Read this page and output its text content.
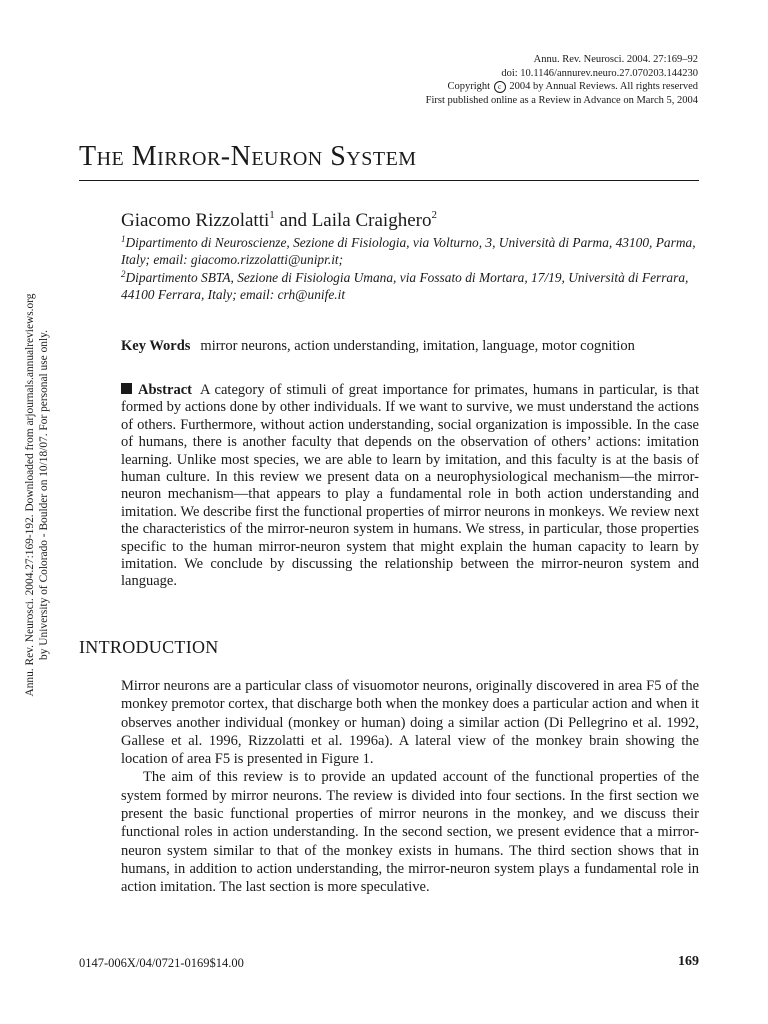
Annu. Rev. Neurosci. 2004. 27:169–92
doi: 10.1146/annurev.neuro.27.070203.144230
Copyright c 2004 by Annual Reviews. All rights reserved
First published online as a Review in Advance on March 5, 2004
The Mirror-Neuron System
Giacomo Rizzolatti$^1$ and Laila Craighero$^2$
$^1$Dipartimento di Neuroscienze, Sezione di Fisiologia, via Volturno, 3, Università di Parma, 43100, Parma, Italy; email: giacomo.rizzolatti@unipr.it;
$^2$Dipartimento SBTA, Sezione di Fisiologia Umana, via Fossato di Mortara, 17/19, Università di Ferrara, 44100 Ferrara, Italy; email: crh@unife.it
Key Words mirror neurons, action understanding, imitation, language, motor cognition
Abstract A category of stimuli of great importance for primates, humans in particular, is that formed by actions done by other individuals. If we want to survive, we must understand the actions of others. Furthermore, without action understanding, social organization is impossible. In the case of humans, there is another faculty that depends on the observation of others’ actions: imitation learning. Unlike most species, we are able to learn by imitation, and this faculty is at the basis of human culture. In this review we present data on a neurophysiological mechanism—the mirror-neuron mechanism—that appears to play a fundamental role in both action understanding and imitation. We describe first the functional properties of mirror neurons in monkeys. We review next the characteristics of the mirror-neuron system in humans. We stress, in particular, those properties specific to the human mirror-neuron system that might explain the human capacity to learn by imitation. We conclude by discussing the relationship between the mirror-neuron system and language.
INTRODUCTION

Mirror neurons are a particular class of visuomotor neurons, originally discovered in area F5 of the monkey premotor cortex, that discharge both when the monkey does a particular action and when it observes another individual (monkey or human) doing a similar action (Di Pellegrino et al. 1992, Gallese et al. 1996, Rizzolatti et al. 1996a). A lateral view of the monkey brain showing the location of area F5 is presented in Figure 1.

The aim of this review is to provide an updated account of the functional properties of the system formed by mirror neurons. The review is divided into four sections. In the first section we present the basic functional properties of mirror neurons in the monkey, and we discuss their functional roles in action understanding. In the second section, we present evidence that a mirror-neuron system similar to that of the monkey exists in humans. The third section shows that in humans, in addition to action understanding, the mirror-neuron system plays a fundamental role in action imitation. The last section is more speculative.

0147-006X/04/0721-0169$14.00	169
Annu. Rev. Neurosci. 2004.27:169-192. Downloaded from arjournals.annualreviews.org by University of Colorado - Boulder on 10/18/07. For personal use only.
